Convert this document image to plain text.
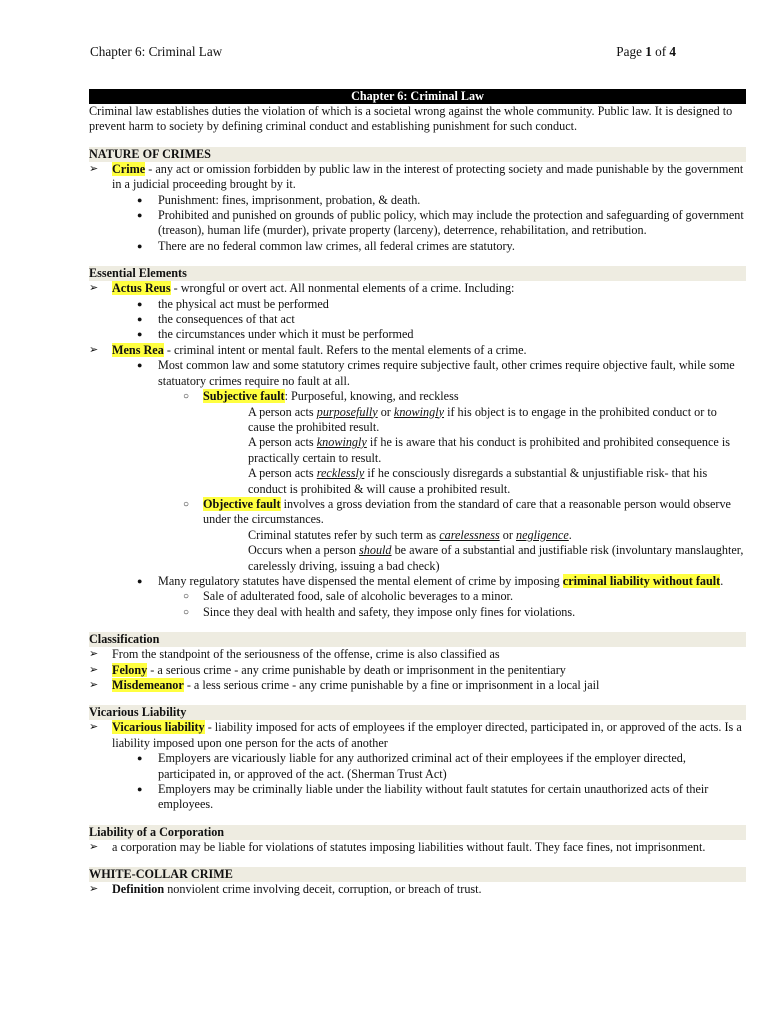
Chapter 6: Criminal Law	Page 1 of 4
Chapter 6: Criminal Law

Criminal law establishes duties the violation of which is a societal wrong against the whole community. Public law. It is designed to prevent harm to society by defining criminal conduct and establishing punishment for such conduct.

NATURE OF CRIMES
➢ Crime - any act or omission forbidden by public law in the interest of protecting society and made punishable by the government in a judicial proceeding brought by it.
● Punishment: fines, imprisonment, probation, & death.
● Prohibited and punished on grounds of public policy, which may include the protection and safeguarding of government (treason), human life (murder), private property (larceny), deterrence, rehabilitation, and retribution.
● There are no federal common law crimes, all federal crimes are statutory.
Essential Elements
➢ Actus Reus - wrongful or overt act. All nonmental elements of a crime. Including:
● the physical act must be performed
● the consequences of that act
● the circumstances under which it must be performed
➢ Mens Rea - criminal intent or mental fault. Refers to the mental elements of a crime.
● Most common law and some statutory crimes require subjective fault, other crimes require objective fault, while some statuatory crimes require no fault at all.
○ Subjective fault: Purposeful, knowing, and reckless
A person acts purposefully or knowingly if his object is to engage in the prohibited conduct or to cause the prohibited result.
A person acts knowingly if he is aware that his conduct is prohibited and prohibited consequence is practically certain to result.
A person acts recklessly if he consciously disregards a substantial & unjustifiable risk- that his conduct is prohibited & will cause a prohibited result.
○ Objective fault involves a gross deviation from the standard of care that a reasonable person would observe under the circumstances.
Criminal statutes refer by such term as carelessness or negligence.
Occurs when a person should be aware of a substantial and justifiable risk (involuntary manslaughter, carelessly driving, issuing a bad check)
● Many regulatory statutes have dispensed the mental element of crime by imposing criminal liability without fault.
○ Sale of adulterated food, sale of alcoholic beverages to a minor.
○ Since they deal with health and safety, they impose only fines for violations.
Classification
➢ From the standpoint of the seriousness of the offense, crime is also classified as
➢ Felony - a serious crime - any crime punishable by death or imprisonment in the penitentiary
➢ Misdemeanor - a less serious crime - any crime punishable by a fine or imprisonment in a local jail
Vicarious Liability
➢ Vicarious liability - liability imposed for acts of employees if the employer directed, participated in, or approved of the acts. Is a liability imposed upon one person for the acts of another
● Employers are vicariously liable for any authorized criminal act of their employees if the employer directed, participated in, or approved of the act. (Sherman Trust Act)
● Employers may be criminally liable under the liability without fault statutes for certain unauthorized acts of their employees.
Liability of a Corporation
➢ a corporation may be liable for violations of statutes imposing liabilities without fault. They face fines, not imprisonment.
WHITE-COLLAR CRIME
➢ Definition nonviolent crime involving deceit, corruption, or breach of trust.
